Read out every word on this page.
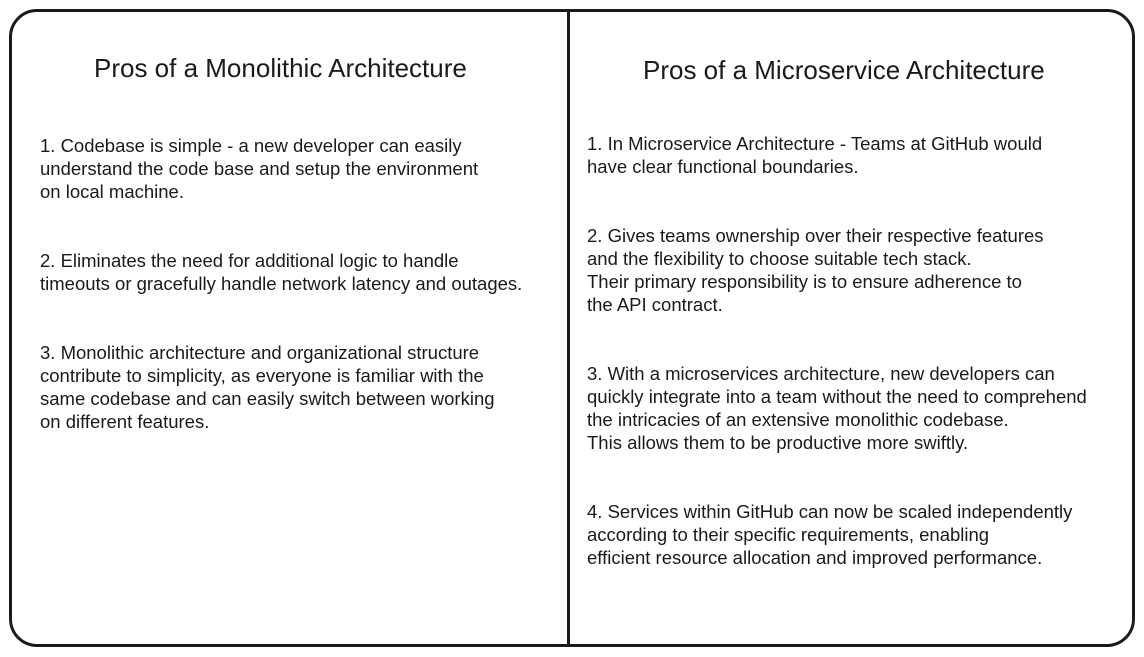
Pros of a Monolithic Architecture

1. Codebase is simple - a new developer can easily
understand the code base and setup the environment
on local machine.

2. Eliminates the need for additional logic to handle
timeouts or gracefully handle network latency and outages.

3. Monolithic architecture and organizational structure
contribute to simplicity, as everyone is familiar with the
same codebase and can easily switch between working
on different features.

Pros of a Microservice Architecture

1. In Microservice Architecture - Teams at GitHub would
have clear functional boundaries.

2. Gives teams ownership over their respective features
and the flexibility to choose suitable tech stack.
Their primary responsibility is to ensure adherence to
the API contract.

3. With a microservices architecture, new developers can
quickly integrate into a team without the need to comprehend
the intricacies of an extensive monolithic codebase.
This allows them to be productive more swiftly.

4. Services within GitHub can now be scaled independently
according to their specific requirements, enabling
efficient resource allocation and improved performance.
